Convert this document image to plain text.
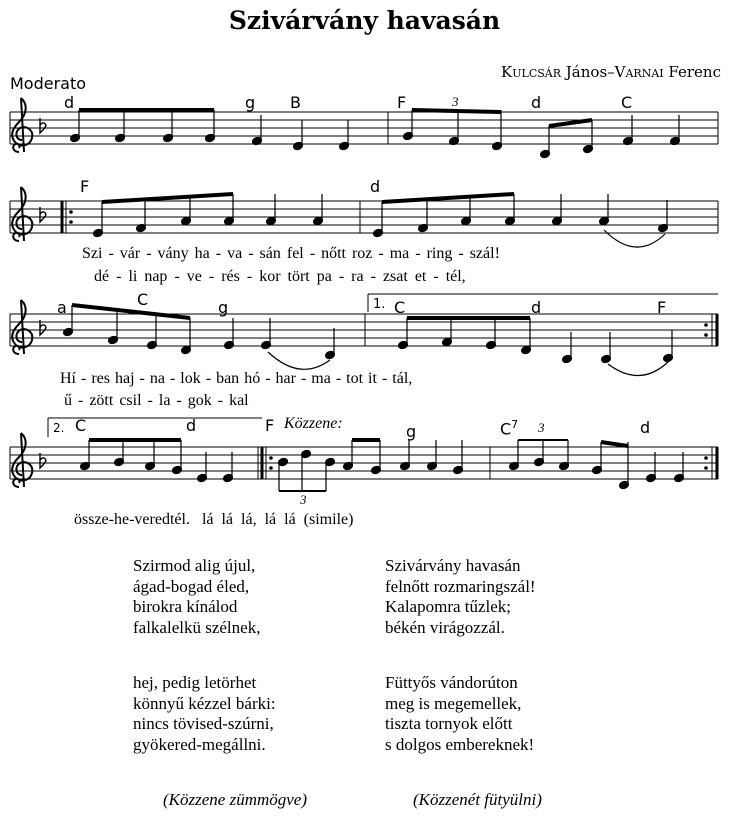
Szivárvány havasán
Moderato
Kulcsár János–Varnai Ferenc
3
1.
2.
3
3
d	g B	F	d	C
F	d
Szi - vár - vány ha - va - sán fel - nőtt roz - ma - ring - szál!
dé - li nap - ve - rés - kor tört pa - ra - zsat et - tél,
a	C	g	C	d	F
Hí - res haj - na - lok - ban hó - har - ma - tot it - tál,
ű - zött csil - la - gok - kal
C	d	F Közzene:	g	$C^7$	d
össze-he-veredtél.   lá  lá  lá,  lá  lá  (simile)
Szirmod alig újul,
ágad-bogad éled,
birokra kínálod
falkalelkü szélnek,
hej, pedig letörhet
könnyű kézzel bárki:
nincs tövised-szúrni,
gyökered-megállni.
Szivárvány havasán
felnőtt rozmaringszál!
Kalapomra tűzlek;
békén virágozzál.
Füttyős vándorúton
meg is megemellek,
tiszta tornyok előtt
s dolgos embereknek!
(Közzene zümmögve)	(Közzenét fütyülni)
